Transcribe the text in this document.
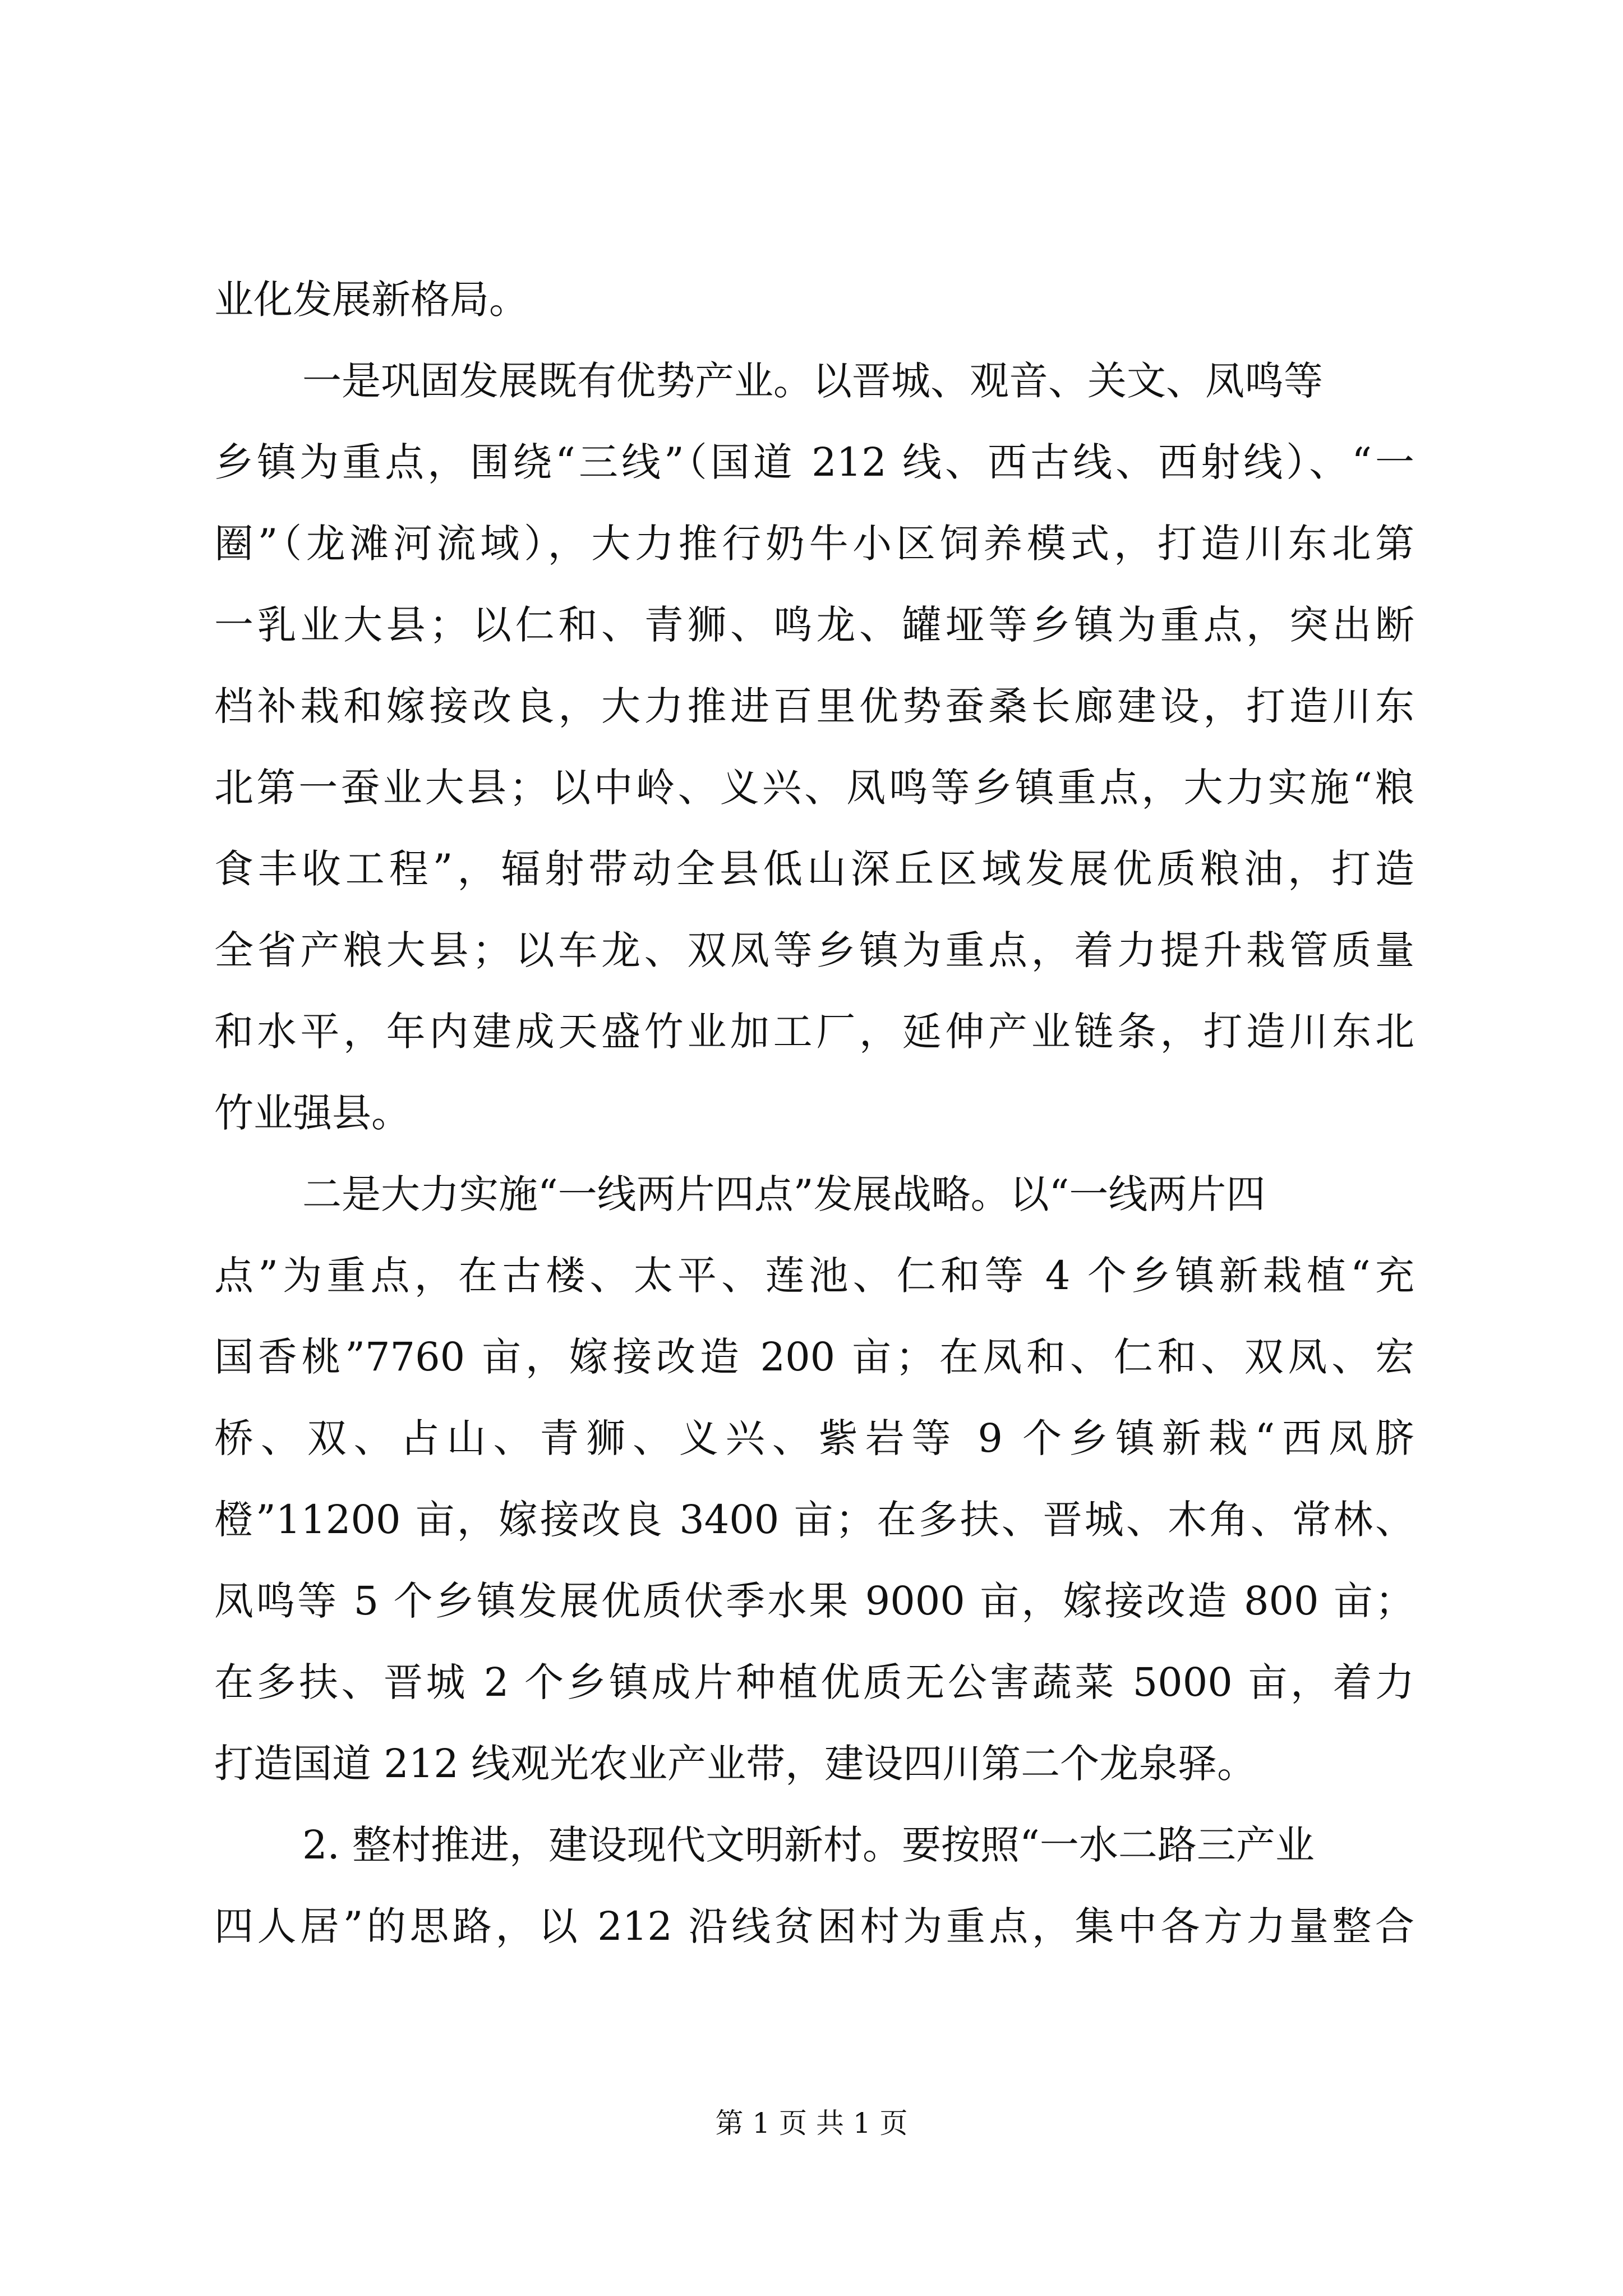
业化发展新格局。
一是巩固发展既有优势产业。以晋城、观音、关文、凤鸣等
乡镇为重点，围绕“三线”（国道 212 线、西古线、西射线）、“一
圈”（龙滩河流域），大力推行奶牛小区饲养模式，打造川东北第
一乳业大县；以仁和、青狮、鸣龙、罐垭等乡镇为重点，突出断
档补栽和嫁接改良，大力推进百里优势蚕桑长廊建设，打造川东
北第一蚕业大县；以中岭、义兴、凤鸣等乡镇重点，大力实施“粮
食丰收工程”，辐射带动全县低山深丘区域发展优质粮油，打造
全省产粮大县；以车龙、双凤等乡镇为重点，着力提升栽管质量
和水平，年内建成天盛竹业加工厂，延伸产业链条，打造川东北
竹业强县。
二是大力实施“一线两片四点”发展战略。以“一线两片四
点”为重点，在古楼、太平、莲池、仁和等 4 个乡镇新栽植“充
国香桃”7760 亩，嫁接改造 200 亩；在凤和、仁和、双凤、宏
桥、双、占山、青狮、义兴、紫岩等 9 个乡镇新栽“西凤脐
橙”11200 亩，嫁接改良 3400 亩；在多扶、晋城、木角、常林、
凤鸣等 5 个乡镇发展优质伏季水果 9000 亩，嫁接改造 800 亩；
在多扶、晋城 2 个乡镇成片种植优质无公害蔬菜 5000 亩，着力
打造国道 212 线观光农业产业带，建设四川第二个龙泉驿。
2. 整村推进，建设现代文明新村。要按照“一水二路三产业
四人居”的思路，以 212 沿线贫困村为重点，集中各方力量整合
第 1 页 共 1 页
